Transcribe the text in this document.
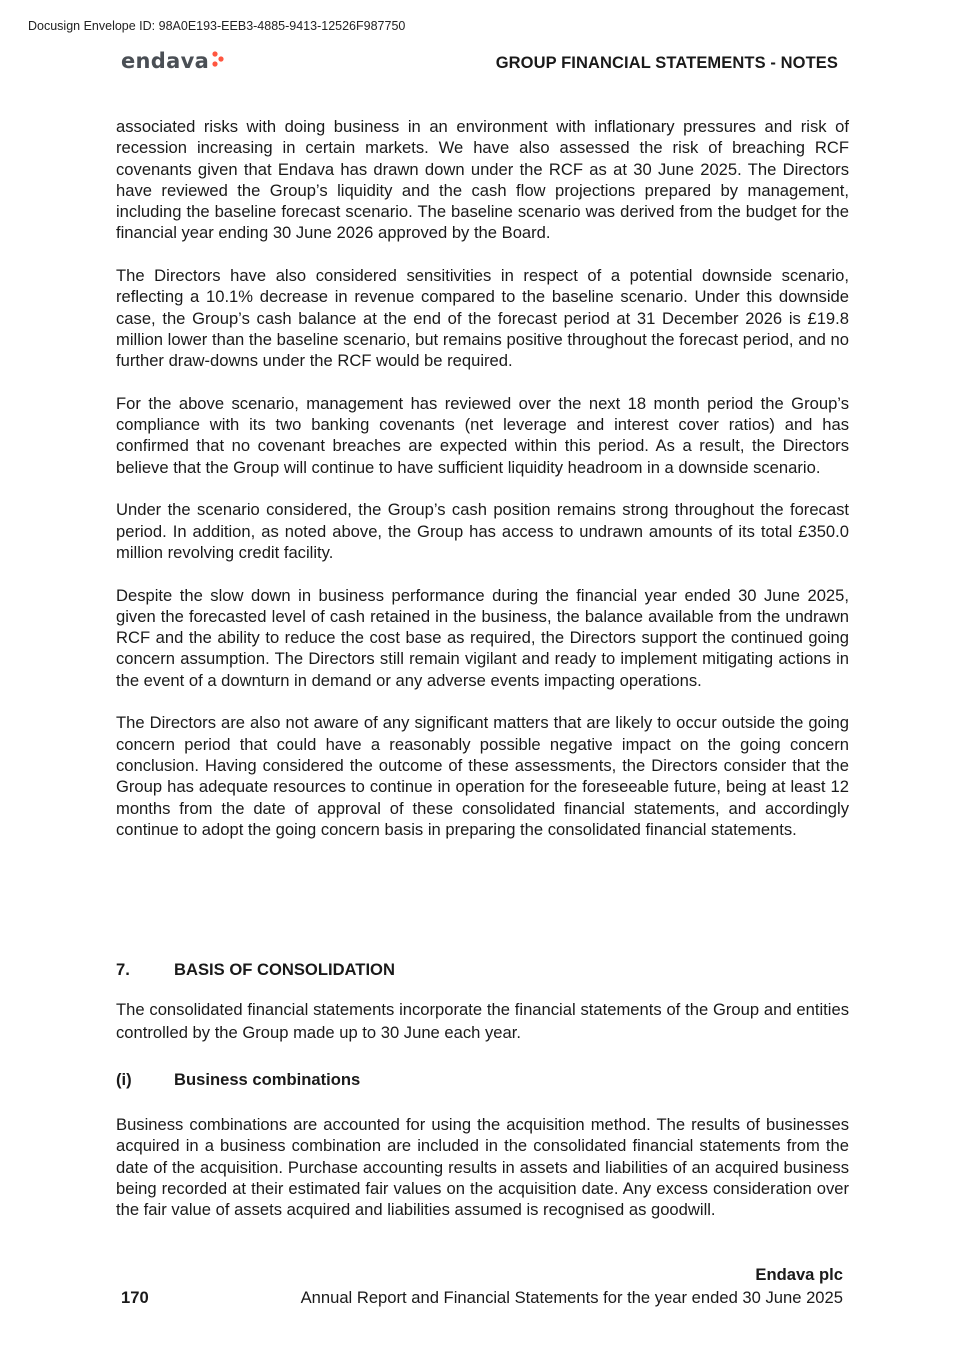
Docusign Envelope ID: 98A0E193-EEB3-4885-9413-12526F987750
endava	GROUP FINANCIAL STATEMENTS - NOTES

associated risks with doing business in an environment with inflationary pressures and risk of recession increasing in certain markets. We have also assessed the risk of breaching RCF covenants given that Endava has drawn down under the RCF as at 30 June 2025. The Directors have reviewed the Group’s liquidity and the cash flow projections prepared by management, including the baseline forecast scenario. The baseline scenario was derived from the budget for the financial year ending 30 June 2026 approved by the Board.

The Directors have also considered sensitivities in respect of a potential downside scenario, reflecting a 10.1% decrease in revenue compared to the baseline scenario. Under this downside case, the Group’s cash balance at the end of the forecast period at 31 December 2026 is £19.8 million lower than the baseline scenario, but remains positive throughout the forecast period, and no further draw-downs under the RCF would be required.

For the above scenario, management has reviewed over the next 18 month period the Group’s compliance with its two banking covenants (net leverage and interest cover ratios) and has confirmed that no covenant breaches are expected within this period. As a result, the Directors believe that the Group will continue to have sufficient liquidity headroom in a downside scenario.

Under the scenario considered, the Group’s cash position remains strong throughout the forecast period. In addition, as noted above, the Group has access to undrawn amounts of its total £350.0 million revolving credit facility.

Despite the slow down in business performance during the financial year ended 30 June 2025, given the forecasted level of cash retained in the business, the balance available from the undrawn RCF and the ability to reduce the cost base as required, the Directors support the continued going concern assumption. The Directors still remain vigilant and ready to implement mitigating actions in the event of a downturn in demand or any adverse events impacting operations.

The Directors are also not aware of any significant matters that are likely to occur outside the going concern period that could have a reasonably possible negative impact on the going concern conclusion. Having considered the outcome of these assessments, the Directors consider that the Group has adequate resources to continue in operation for the foreseeable future, being at least 12 months from the date of approval of these consolidated financial statements, and accordingly continue to adopt the going concern basis in preparing the consolidated financial statements.

7.	BASIS OF CONSOLIDATION
The consolidated financial statements incorporate the financial statements of the Group and entities controlled by the Group made up to 30 June each year.
(i)	Business combinations
Business combinations are accounted for using the acquisition method. The results of businesses acquired in a business combination are included in the consolidated financial statements from the date of the acquisition. Purchase accounting results in assets and liabilities of an acquired business being recorded at their estimated fair values on the acquisition date. Any excess consideration over the fair value of assets acquired and liabilities assumed is recognised as goodwill.
Endava plc
170	Annual Report and Financial Statements for the year ended 30 June 2025
